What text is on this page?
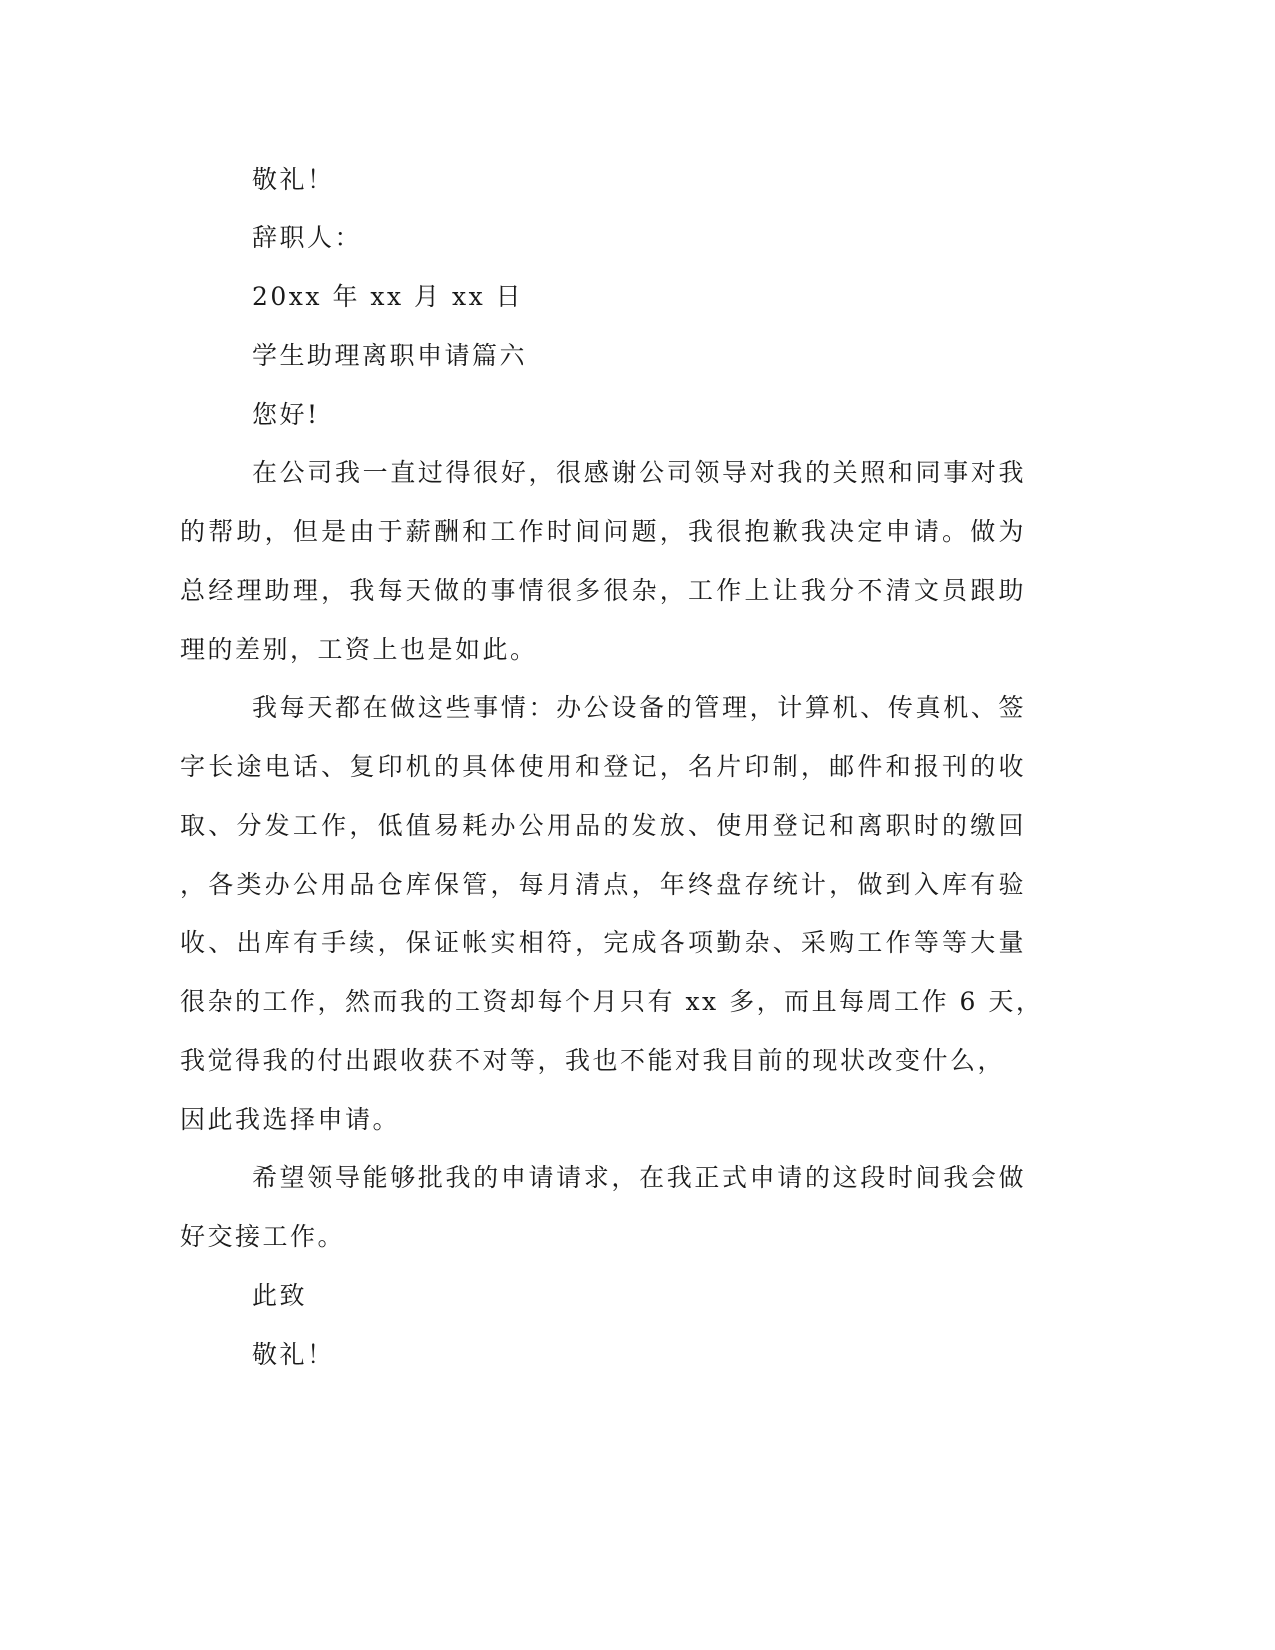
敬礼！
辞职人：
20xx 年 xx 月 xx 日
学生助理离职申请篇六
您好!
在公司我一直过得很好，很感谢公司领导对我的关照和同事对我
的帮助，但是由于薪酬和工作时间问题，我很抱歉我决定申请。做为
总经理助理，我每天做的事情很多很杂，工作上让我分不清文员跟助
理的差别，工资上也是如此。
我每天都在做这些事情：办公设备的管理，计算机、传真机、签
字长途电话、复印机的具体使用和登记，名片印制，邮件和报刊的收
取、分发工作，低值易耗办公用品的发放、使用登记和离职时的缴回
，各类办公用品仓库保管，每月清点，年终盘存统计，做到入库有验
收、出库有手续，保证帐实相符，完成各项勤杂、采购工作等等大量
很杂的工作，然而我的工资却每个月只有 xx 多，而且每周工作 6 天，
我觉得我的付出跟收获不对等，我也不能对我目前的现状改变什么，
因此我选择申请。
希望领导能够批我的申请请求，在我正式申请的这段时间我会做
好交接工作。
此致
敬礼！
